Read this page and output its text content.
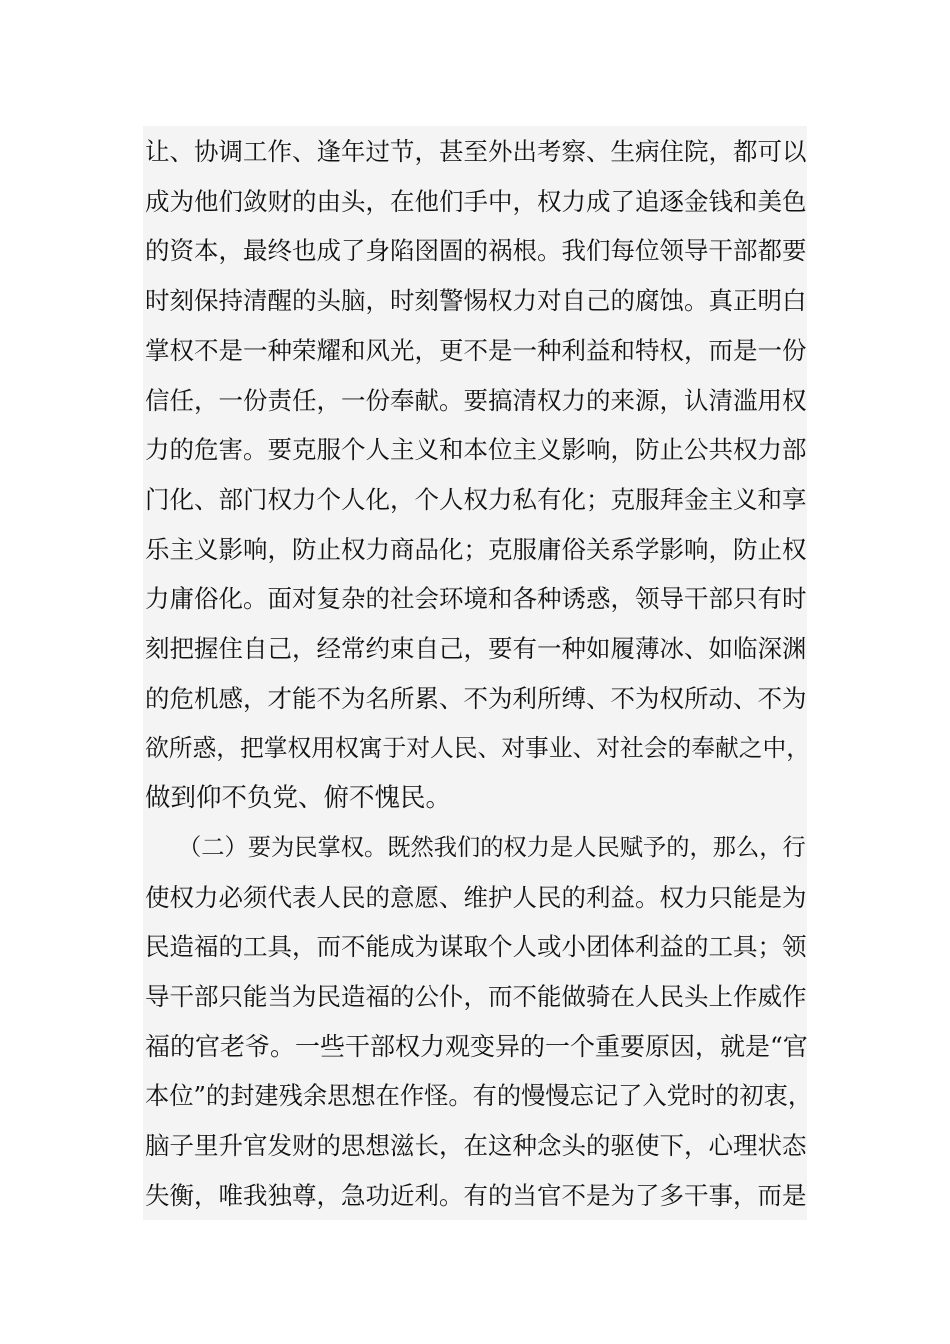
让、协调工作、逢年过节，甚至外出考察、生病住院，都可以
成为他们敛财的由头，在他们手中，权力成了追逐金钱和美色
的资本，最终也成了身陷囹圄的祸根。我们每位领导干部都要
时刻保持清醒的头脑，时刻警惕权力对自己的腐蚀。真正明白
掌权不是一种荣耀和风光，更不是一种利益和特权，而是一份
信任，一份责任，一份奉献。要搞清权力的来源，认清滥用权
力的危害。要克服个人主义和本位主义影响，防止公共权力部
门化、部门权力个人化，个人权力私有化；克服拜金主义和享
乐主义影响，防止权力商品化；克服庸俗关系学影响，防止权
力庸俗化。面对复杂的社会环境和各种诱惑，领导干部只有时
刻把握住自己，经常约束自己，要有一种如履薄冰、如临深渊
的危机感，才能不为名所累、不为利所缚、不为权所动、不为
欲所惑，把掌权用权寓于对人民、对事业、对社会的奉献之中，
做到仰不负党、俯不愧民。
（二）要为民掌权。既然我们的权力是人民赋予的，那么，行
使权力必须代表人民的意愿、维护人民的利益。权力只能是为
民造福的工具，而不能成为谋取个人或小团体利益的工具；领
导干部只能当为民造福的公仆，而不能做骑在人民头上作威作
福的官老爷。一些干部权力观变异的一个重要原因，就是“官
本位”的封建残余思想在作怪。有的慢慢忘记了入党时的初衷，
脑子里升官发财的思想滋长，在这种念头的驱使下，心理状态
失衡，唯我独尊，急功近利。有的当官不是为了多干事，而是
